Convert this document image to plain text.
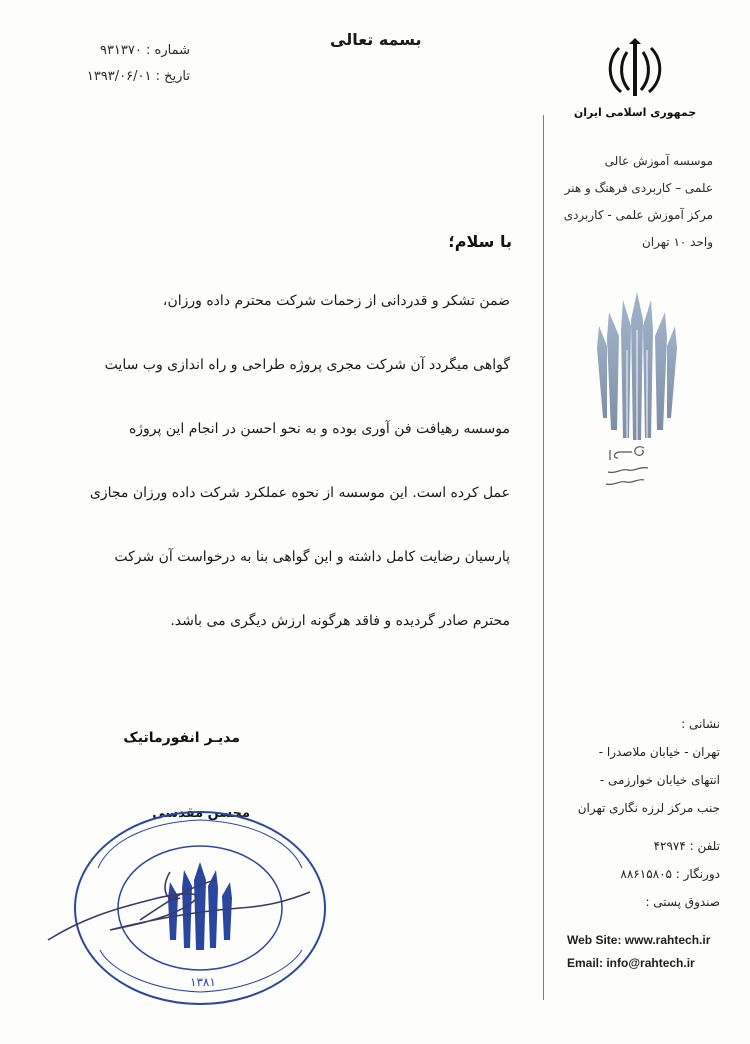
بسمه تعالی
شماره : ۹۳۱۳۷۰
تاریخ : ۱۳۹۳/۰۶/۰۱
جمهوری اسلامی ایران
موسسه آموزش عالی
علمی – کاربردی فرهنگ و هنر
مرکز آموزش علمی - کاربردی
واحد ۱۰ تهران
نشانی :
تهران - خیابان ملاصدرا -
انتهای خیابان خوارزمی -
جنب مرکز لرزه نگاری تهران
تلفن : ۴۲۹۷۴
دورنگار : ۸۸۶۱۵۸۰۵
صندوق پستی :
Web Site: www.rahtech.ir
Email: info@rahtech.ir
با سلام؛

ضمن تشکر و قدردانی از زحمات شرکت محترم داده ورزان،

گواهی میگردد آن شرکت مجری پروژه طراحی و راه اندازی وب سایت

موسسه رهیافت فن آوری بوده و به نحو احسن در انجام این پروژه

عمل کرده است. این موسسه از نحوه عملکرد شرکت داده ورزان مجازی

پارسیان رضایت کامل داشته و این گواهی بنا به درخواست آن شرکت

محترم صادر گردیده و فاقد هرگونه ارزش دیگری می باشد.

مدیـر انفورماتیک
محسن مقدسی
۱۳۸۱
